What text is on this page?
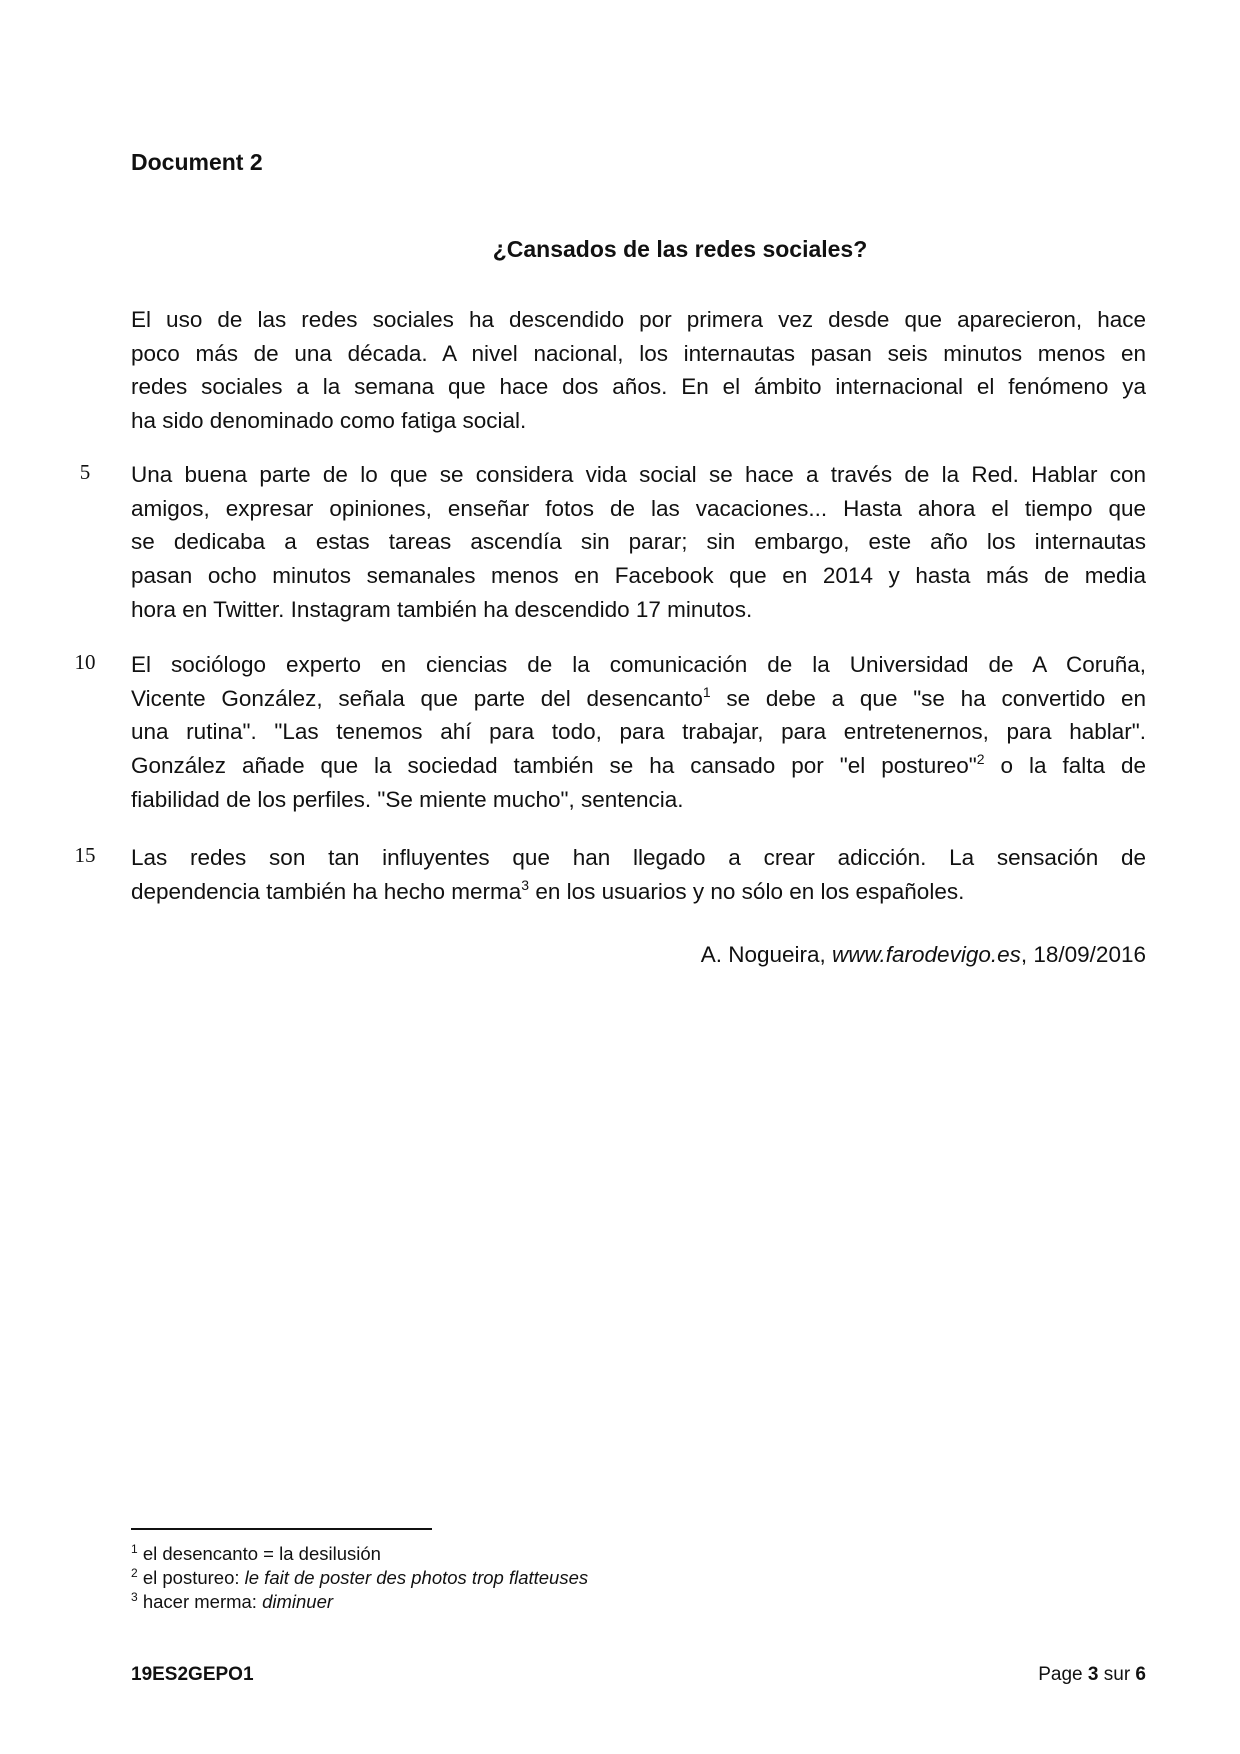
Document 2
¿Cansados de las redes sociales?
El uso de las redes sociales ha descendido por primera vez desde que aparecieron, hace
poco más de una década. A nivel nacional, los internautas pasan seis minutos menos en
redes sociales a la semana que hace dos años. En el ámbito internacional el fenómeno ya
ha sido denominado como fatiga social.
5	Una buena parte de lo que se considera vida social se hace a través de la Red. Hablar con
amigos, expresar opiniones, enseñar fotos de las vacaciones... Hasta ahora el tiempo que
se dedicaba a estas tareas ascendía sin parar; sin embargo, este año los internautas
pasan ocho minutos semanales menos en Facebook que en 2014 y hasta más de media
hora en Twitter. Instagram también ha descendido 17 minutos.
10 El sociólogo experto en ciencias de la comunicación de la Universidad de A Coruña,
Vicente González, señala que parte del desencanto$^1$ se debe a que "se ha convertido en
una rutina". "Las tenemos ahí para todo, para trabajar, para entretenernos, para hablar".
González añade que la sociedad también se ha cansado por "el postureo"$^2$ o la falta de
fiabilidad de los perfiles. "Se miente mucho", sentencia.
15 Las redes son tan influyentes que han llegado a crear adicción. La sensación de
dependencia también ha hecho merma$^3$ en los usuarios y no sólo en los españoles.
A. Nogueira, www.farodevigo.es, 18/09/2016
$^1$ el desencanto = la desilusión
$^2$ el postureo: le fait de poster des photos trop flatteuses
$^3$ hacer merma: diminuer
19ES2GEPO1	Page 3 sur 6
